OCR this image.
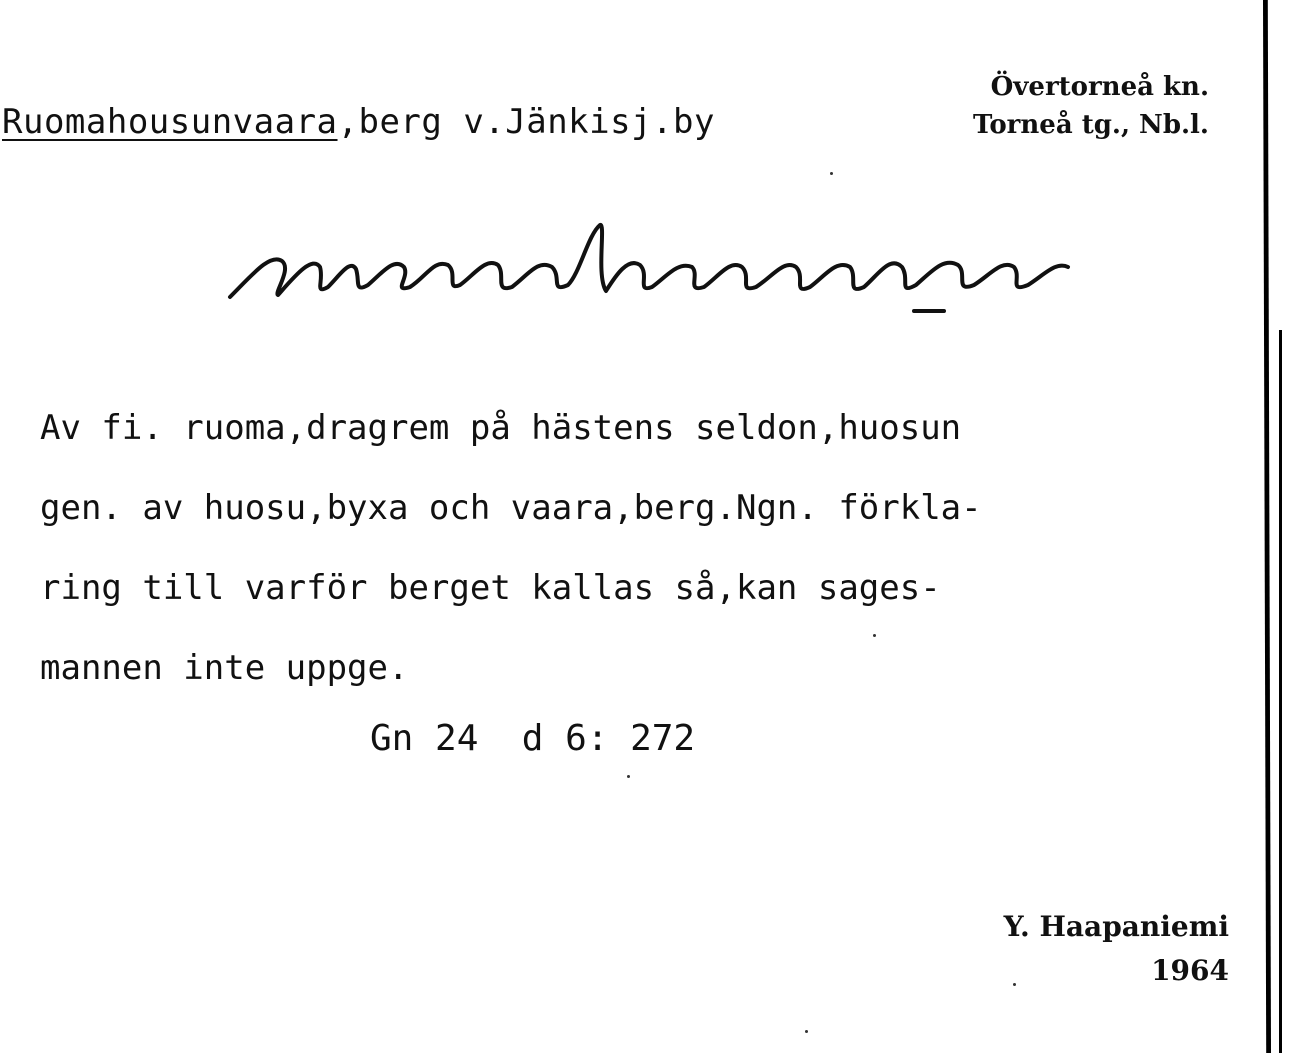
Ruomahousunvaara,berg v.Jänkisj.by
Övertorneå kn.
Torneå tg., Nb.l.
Av fi. ruoma,dragrem på hästens seldon,huosun
gen. av huosu,byxa och vaara,berg.Ngn. förkla-
ring till varför berget kallas så,kan sages-
mannen inte uppge.
Gn 24  d 6: 272
Y. Haapaniemi
1964
